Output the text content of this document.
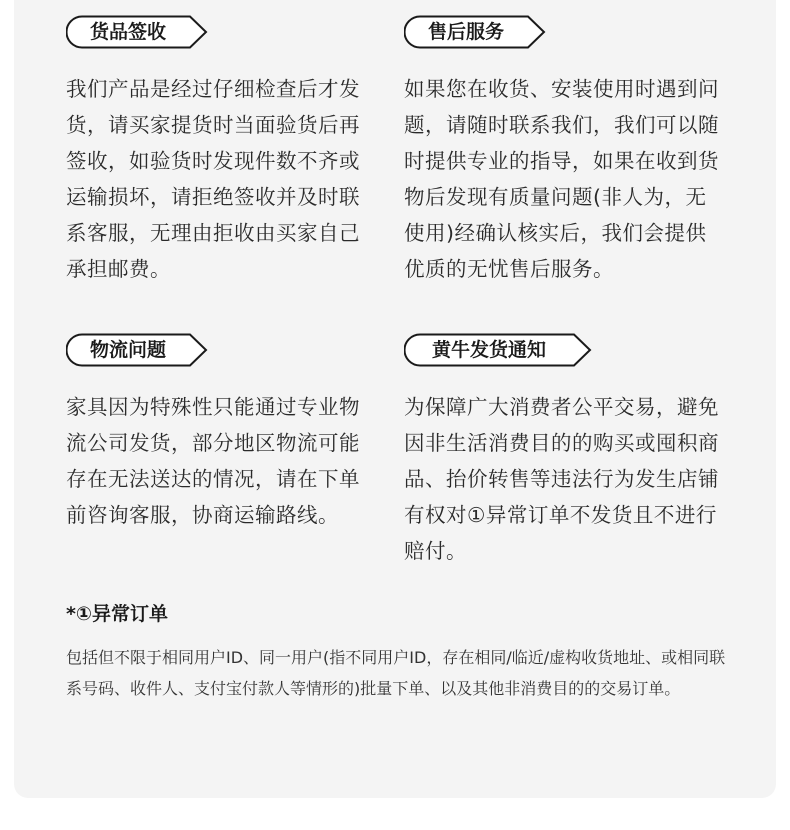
货品签收
我们产品是经过仔细检查后才发货，请买家提货时当面验货后再签收，如验货时发现件数不齐或运输损坏，请拒绝签收并及时联系客服，无理由拒收由买家自己承担邮费。
售后服务
如果您在收货、安装使用时遇到问题，请随时联系我们，我们可以随时提供专业的指导，如果在收到货物后发现有质量问题(非人为，无使用)经确认核实后，我们会提供优质的无忧售后服务。
物流问题
家具因为特殊性只能通过专业物流公司发货，部分地区物流可能存在无法送达的情况，请在下单前咨询客服，协商运输路线。
黄牛发货通知
为保障广大消费者公平交易，避免因非生活消费目的的购买或囤积商品、抬价转售等违法行为发生店铺有权对①异常订单不发货且不进行赔付。
*①异常订单
包括但不限于相同用户ID、同一用户(指不同用户ID，存在相同/临近/虚构收货地址、或相同联系号码、收件人、支付宝付款人等情形的)批量下单、以及其他非消费目的的交易订单。
